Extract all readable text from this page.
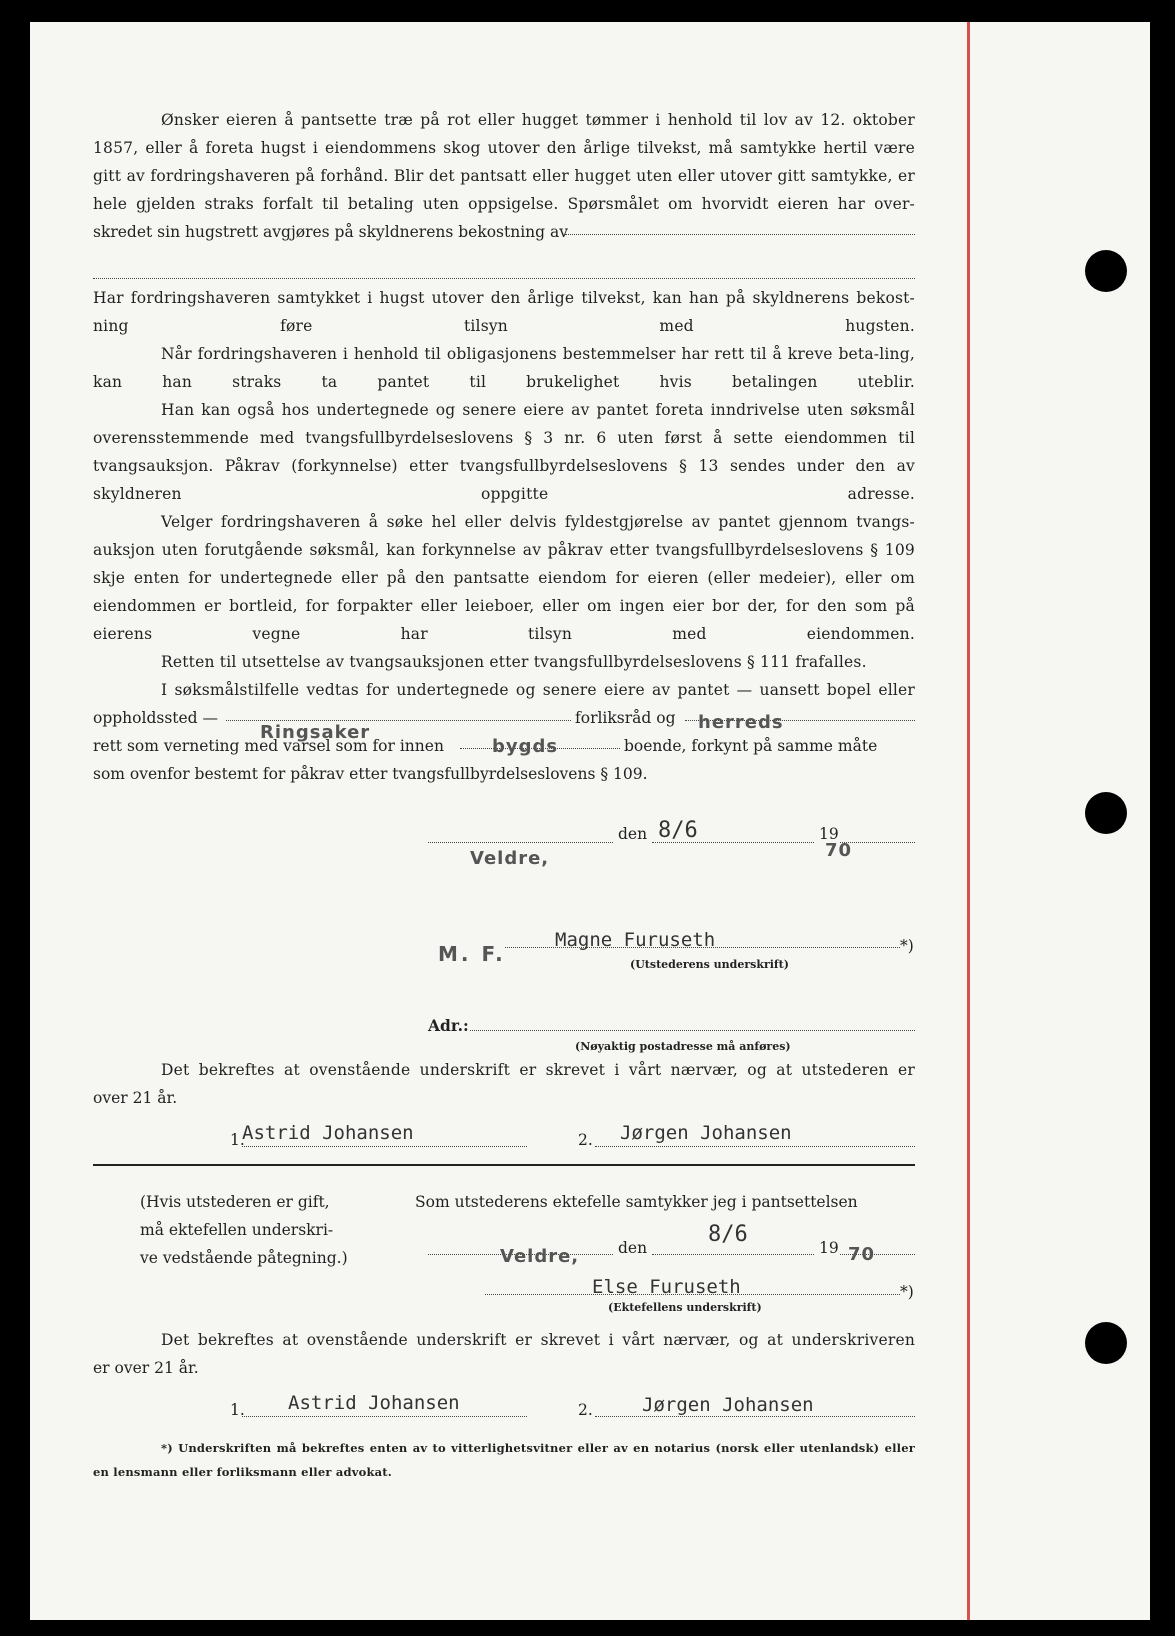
Ønsker eieren å pantsette træ på rot eller hugget tømmer i henhold til lov av 12. oktober 1857, eller å foreta hugst i eiendommens skog utover den årlige tilvekst, må samtykke hertil være gitt av fordringshaveren på forhånd. Blir det pantsatt eller hugget uten eller utover gitt samtykke, er hele gjelden straks forfalt til betaling uten oppsigelse. Spørsmålet om hvorvidt eieren har over-
skredet sin hugstrett avgjøres på skyldnerens bekostning av
Har fordringshaveren samtykket i hugst utover den årlige tilvekst, kan han på skyldnerens bekost-ning føre tilsyn med hugsten.
Når fordringshaveren i henhold til obligasjonens bestemmelser har rett til å kreve beta-ling, kan han straks ta pantet til brukelighet hvis betalingen uteblir.
Han kan også hos undertegnede og senere eiere av pantet foreta inndrivelse uten søksmål overensstemmende med tvangsfullbyrdelseslovens § 3 nr. 6 uten først å sette eiendommen til tvangsauksjon. Påkrav (forkynnelse) etter tvangsfullbyrdelseslovens § 13 sendes under den av skyldneren oppgitte adresse.
Velger fordringshaveren å søke hel eller delvis fyldestgjørelse av pantet gjennom tvangs-auksjon uten forutgående søksmål, kan forkynnelse av påkrav etter tvangsfullbyrdelseslovens § 109 skje enten for undertegnede eller på den pantsatte eiendom for eieren (eller medeier), eller om eiendommen er bortleid, for forpakter eller leieboer, eller om ingen eier bor der, for den som på eierens vegne har tilsyn med eiendommen.
Retten til utsettelse av tvangsauksjonen etter tvangsfullbyrdelseslovens § 111 frafalles.
I søksmålstilfelle vedtas for undertegnede og senere eiere av pantet — uansett bopel eller
oppholdssted —	forliksråd og
Ringsaker	herreds
rett som verneting med varsel som for innen	bygds	boende, forkynt på samme måte
som ovenfor bestemt for påkrav etter tvangsfullbyrdelseslovens § 109.
Veldre,
den 8/6	19
70
M. F.
Magne Furuseth	*)
(Utstederens underskrift)
Adr.:
(Nøyaktig postadresse må anføres)
Det bekreftes at ovenstående underskrift er skrevet i vårt nærvær, og at utstederen er
over 21 år.
1.
Astrid Johansen	2. Jørgen Johansen
(Hvis utstederen er gift,
må ektefellen underskri-
ve vedstående påtegning.)
Som utstederens ektefelle samtykker jeg i pantsettelsen
Veldre,	den
8/6
19 70
Else Furuseth	*)
(Ektefellens underskrift)
Det bekreftes at ovenstående underskrift er skrevet i vårt nærvær, og at underskriveren
er over 21 år.
1. Astrid Johansen	2.	Jørgen Johansen
*) Underskriften må bekreftes enten av to vitterlighetsvitner eller av en notarius (norsk eller utenlandsk) eller en lensmann eller forliksmann eller advokat.
